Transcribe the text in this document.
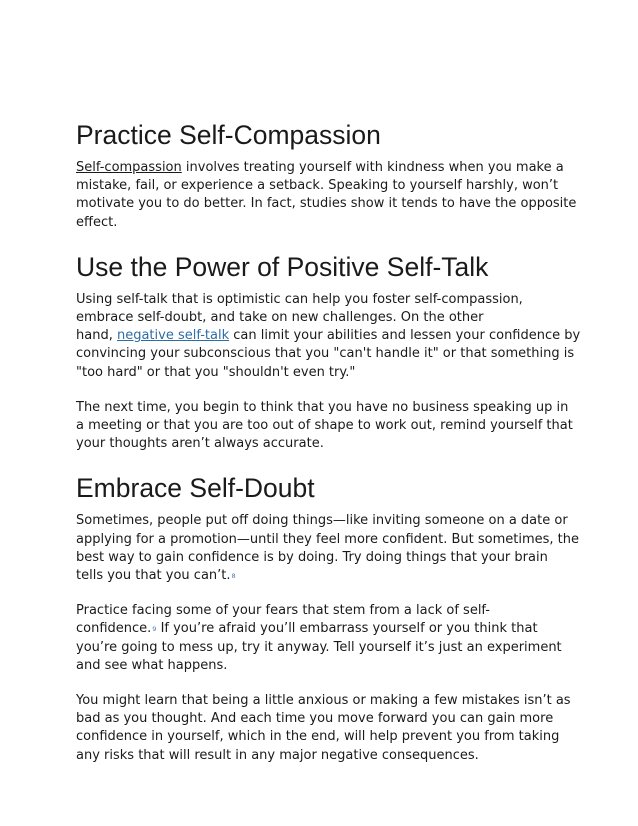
Practice Self-Compassion

Self-compassion involves treating yourself with kindness when you make a
mistake, fail, or experience a setback. Speaking to yourself harshly, won’t
motivate you to do better. In fact, studies show it tends to have the opposite
effect.

Use the Power of Positive Self-Talk

Using self-talk that is optimistic can help you foster self-compassion,
embrace self-doubt, and take on new challenges. On the other
hand, negative self-talk can limit your abilities and lessen your confidence by
convincing your subconscious that you "can't handle it" or that something is
"too hard" or that you "shouldn't even try."

The next time, you begin to think that you have no business speaking up in
a meeting or that you are too out of shape to work out, remind yourself that
your thoughts aren’t always accurate.

Embrace Self-Doubt

Sometimes, people put off doing things—like inviting someone on a date or
applying for a promotion—until they feel more confident. But sometimes, the
best way to gain confidence is by doing. Try doing things that your brain
tells you that you can’t.$^8$

Practice facing some of your fears that stem from a lack of self-
confidence.$^9$ If you’re afraid you’ll embarrass yourself or you think that
you’re going to mess up, try it anyway. Tell yourself it’s just an experiment
and see what happens.

You might learn that being a little anxious or making a few mistakes isn’t as
bad as you thought. And each time you move forward you can gain more
confidence in yourself, which in the end, will help prevent you from taking
any risks that will result in any major negative consequences.
